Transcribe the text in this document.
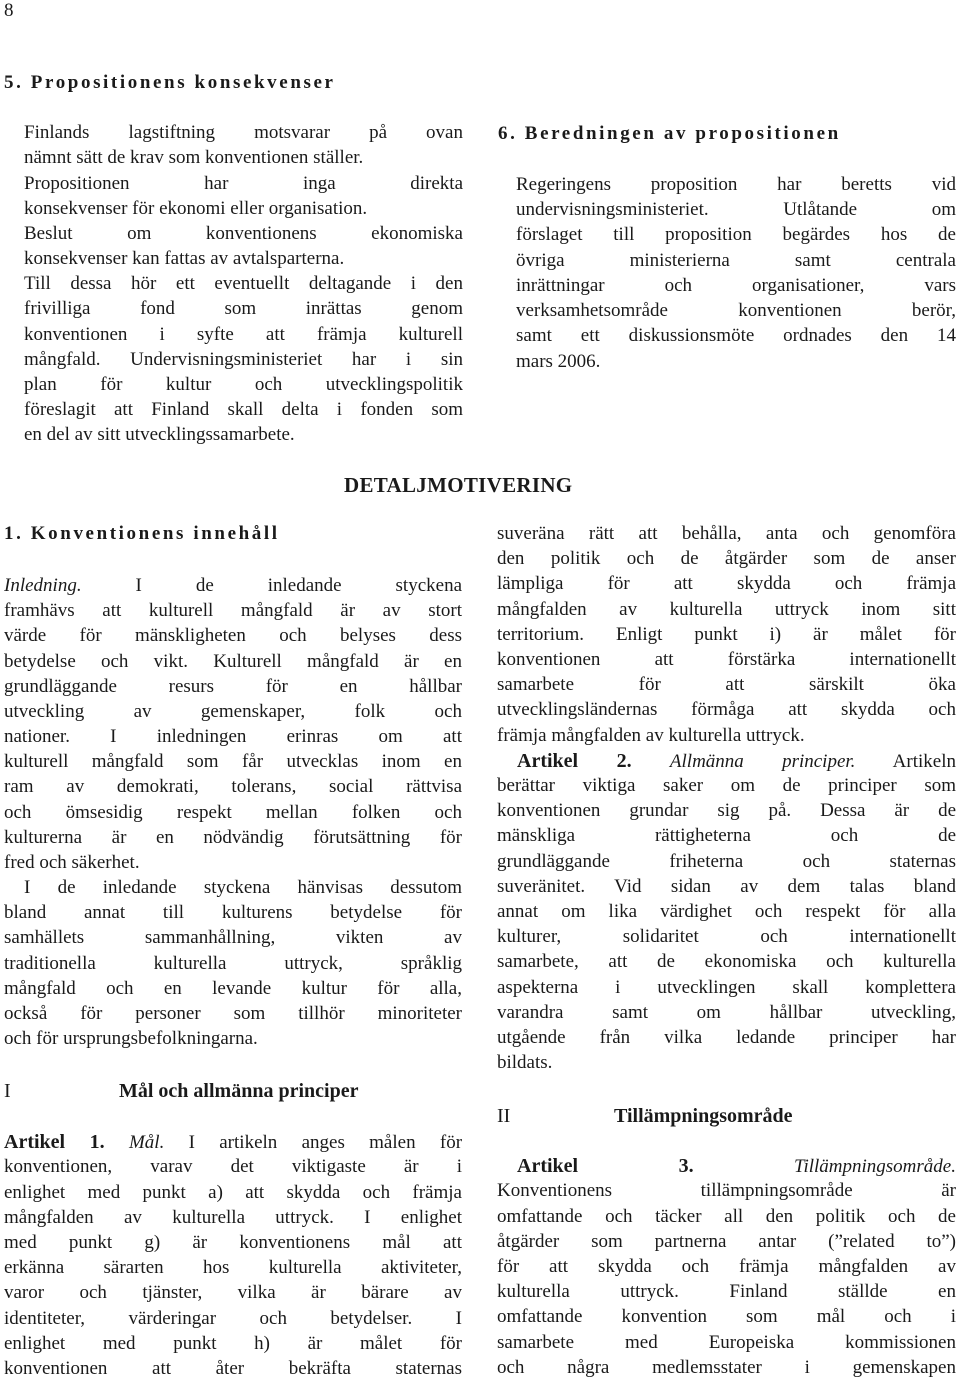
8
5. Propositionens konsekvenser
Finlands lagstiftning motsvarar på ovan
nämnt sätt de krav som konventionen ställer.
Propositionen har inga direkta
konsekvenser för ekonomi eller organisation.
Beslut om konventionens ekonomiska
konsekvenser kan fattas av avtalsparterna.
Till dessa hör ett eventuellt deltagande i den
frivilliga fond som inrättas genom
konventionen i syfte att främja kulturell
mångfald. Undervisningsministeriet har i sin
plan för kultur och utvecklingspolitik
föreslagit att Finland skall delta i fonden som
en del av sitt utvecklingssamarbete.
6. Beredningen av propositionen
Regeringens proposition har beretts vid
undervisningsministeriet. Utlåtande om
förslaget till proposition begärdes hos de
övriga ministerierna samt centrala
inrättningar och organisationer, vars
verksamhetsområde konventionen berör,
samt ett diskussionsmöte ordnades den 14
mars 2006.
DETALJMOTIVERING
1. Konventionens innehåll
Inledning. I de inledande styckena
framhävs att kulturell mångfald är av stort
värde för mänskligheten och belyses dess
betydelse och vikt. Kulturell mångfald är en
grundläggande resurs för en hållbar
utveckling av gemenskaper, folk och
nationer. I inledningen erinras om att
kulturell mångfald som får utvecklas inom en
ram av demokrati, tolerans, social rättvisa
och ömsesidig respekt mellan folken och
kulturerna är en nödvändig förutsättning för
fred och säkerhet.
I de inledande styckena hänvisas dessutom
bland annat till kulturens betydelse för
samhällets sammanhållning, vikten av
traditionella kulturella uttryck, språklig
mångfald och en levande kultur för alla,
också för personer som tillhör minoriteter
och för ursprungsbefolkningarna.
I	Mål och allmänna principer
Artikel 1. Mål. I artikeln anges målen för
konventionen, varav det viktigaste är i
enlighet med punkt a) att skydda och främja
mångfalden av kulturella uttryck. I enlighet
med punkt g) är konventionens mål att
erkänna särarten hos kulturella aktiviteter,
varor och tjänster, vilka är bärare av
identiteter, värderingar och betydelser. I
enlighet med punkt h) är målet för
konventionen att åter bekräfta staternas
suveräna rätt att behålla, anta och genomföra
den politik och de åtgärder som de anser
lämpliga för att skydda och främja
mångfalden av kulturella uttryck inom sitt
territorium. Enligt punkt i) är målet för
konventionen att förstärka internationellt
samarbete för att särskilt öka
utvecklingsländernas förmåga att skydda och
främja mångfalden av kulturella uttryck.
Artikel 2. Allmänna principer. Artikeln
berättar viktiga saker om de principer som
konventionen grundar sig på. Dessa är de
mänskliga rättigheterna och de
grundläggande friheterna och staternas
suveränitet. Vid sidan av dem talas bland
annat om lika värdighet och respekt för alla
kulturer, solidaritet och internationellt
samarbete, att de ekonomiska och kulturella
aspekterna i utvecklingen skall komplettera
varandra samt om hållbar utveckling,
utgående från vilka ledande principer har
bildats.
II	Tillämpningsområde
Artikel 3.	Tillämpningsområde.
Konventionens tillämpningsområde är
omfattande och täcker all den politik och de
åtgärder som partnerna antar (”related to”)
för att skydda och främja mångfalden av
kulturella uttryck. Finland ställde en
omfattande konvention som mål och i
samarbete med Europeiska kommissionen
och några medlemsstater i gemenskapen
